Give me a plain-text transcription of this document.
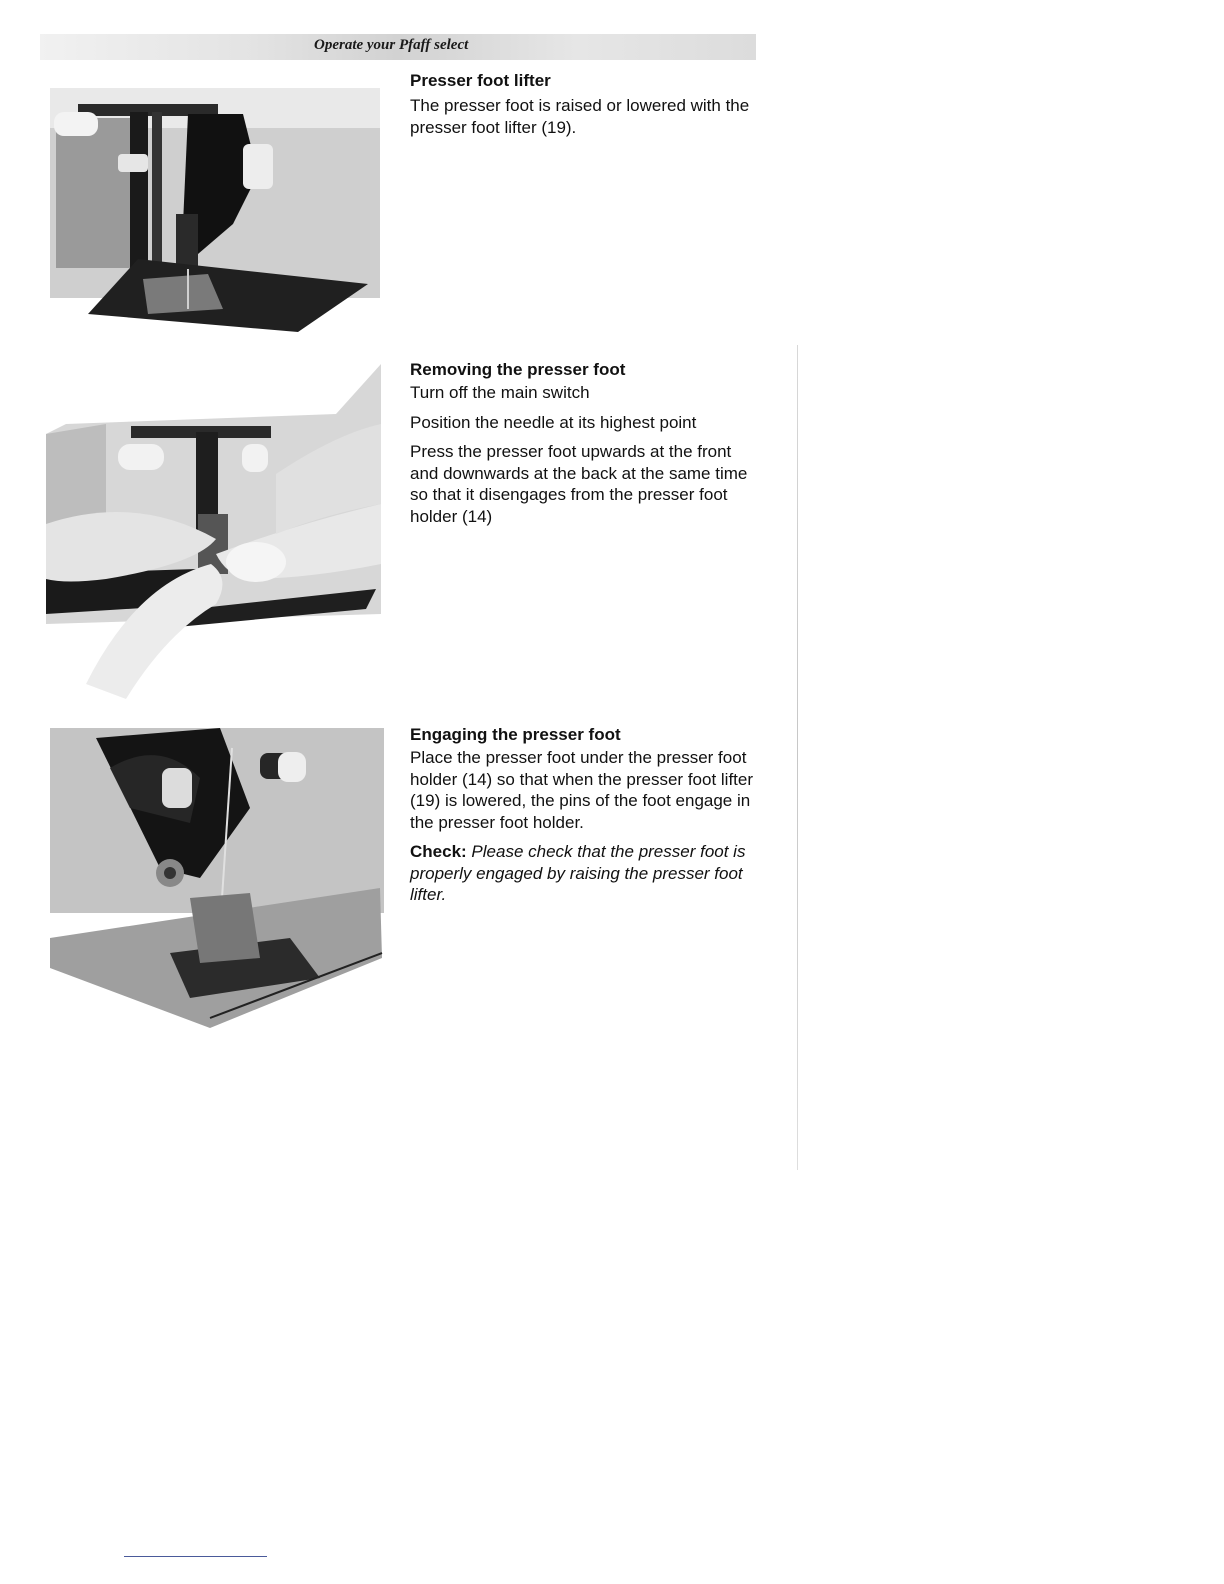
Operate your Pfaff select
Presser foot lifter
The presser foot is raised or lowered with the presser foot lifter (19).
Removing the presser foot
Turn off the main switch
Position the needle at its highest point
Press the presser foot upwards at the front and downwards at the back at the same time so that it disengages from the presser foot holder (14)
Engaging the presser foot
Place the presser foot under the presser foot holder (14) so that when the presser foot lifter (19) is lowered, the pins of the foot engage in the presser foot holder.
Check: Please check that the presser foot is properly engaged by raising the presser foot lifter.
